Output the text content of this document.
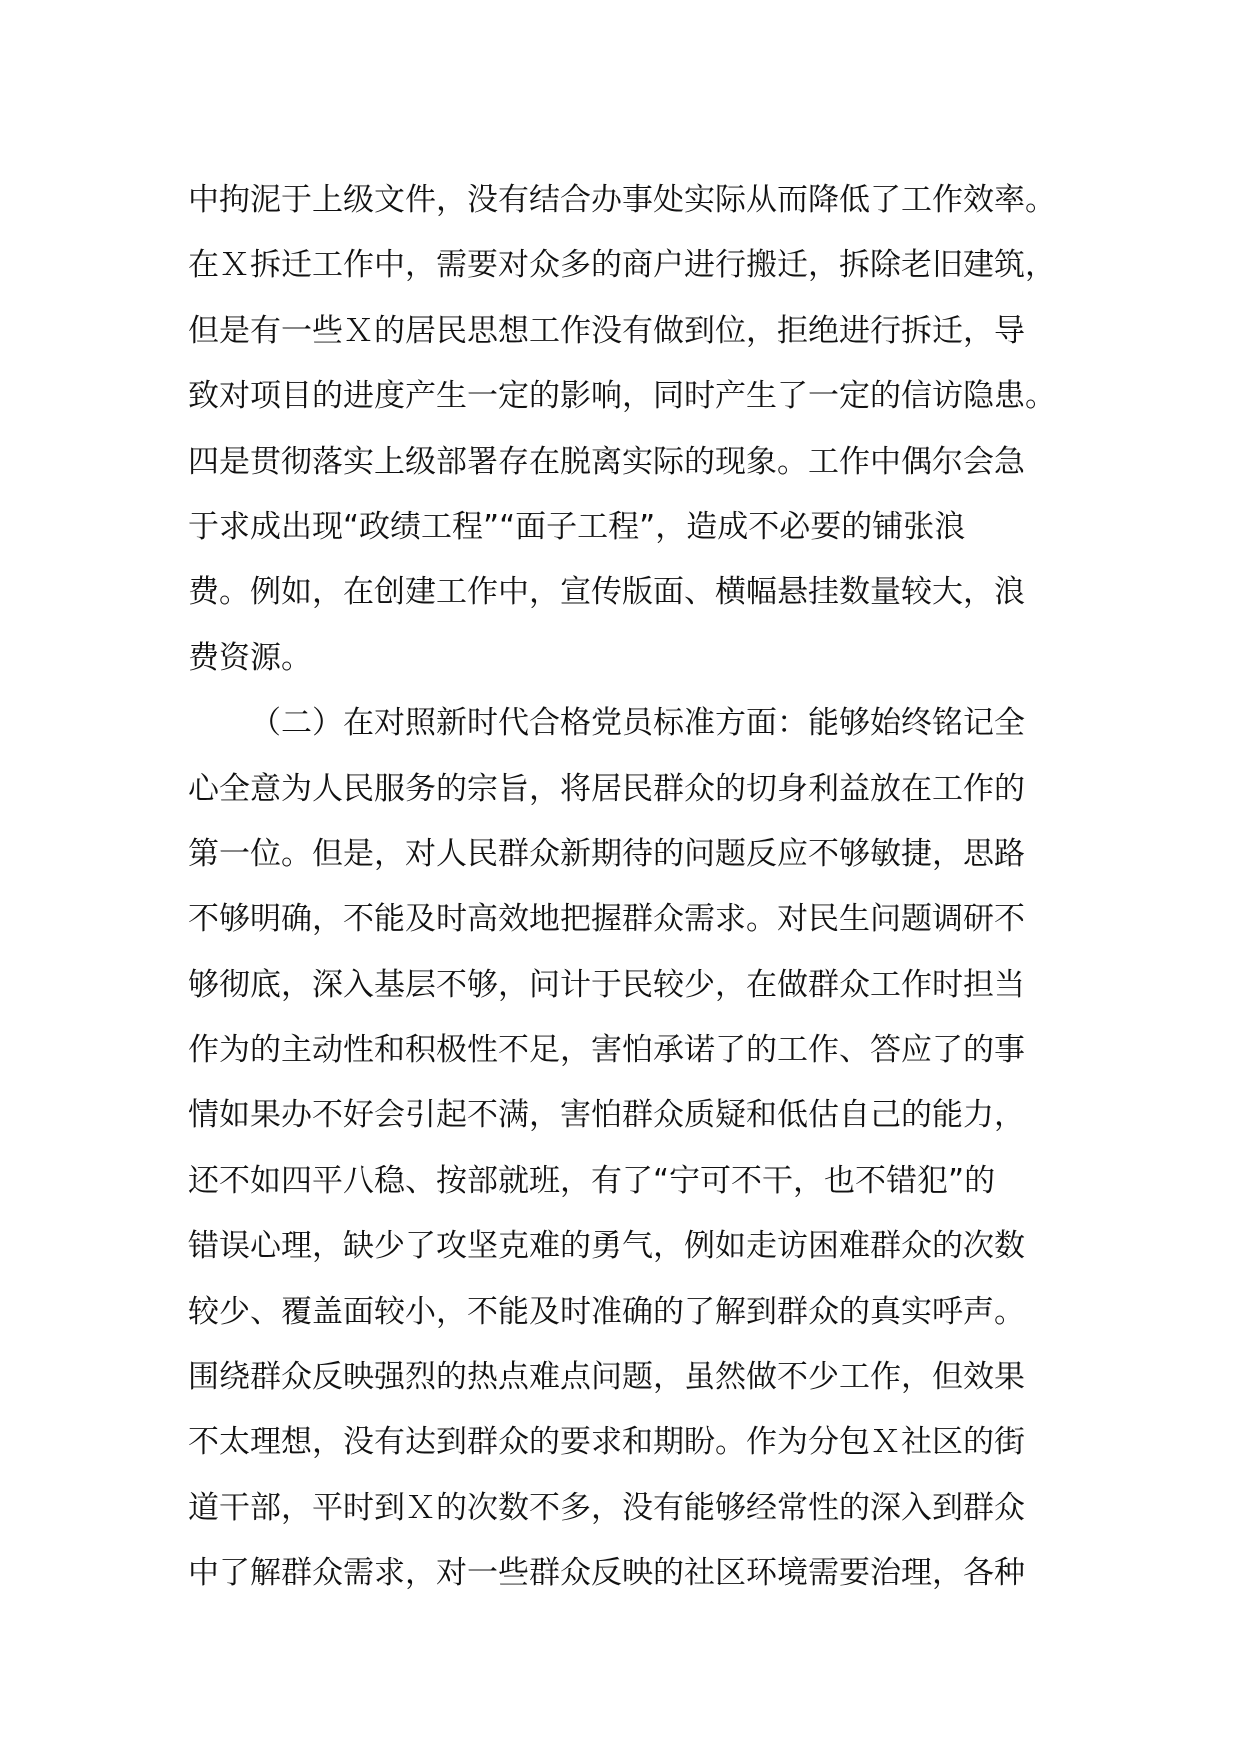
中拘泥于上级文件，没有结合办事处实际从而降低了工作效率。
在Ｘ拆迁工作中，需要对众多的商户进行搬迁，拆除老旧建筑，
但是有一些Ｘ的居民思想工作没有做到位，拒绝进行拆迁，导
致对项目的进度产生一定的影响，同时产生了一定的信访隐患。
四是贯彻落实上级部署存在脱离实际的现象。工作中偶尔会急
于求成出现“政绩工程”“面子工程”，造成不必要的铺张浪
费。例如，在创建工作中，宣传版面、横幅悬挂数量较大，浪
费资源。
（二）在对照新时代合格党员标准方面：能够始终铭记全
心全意为人民服务的宗旨，将居民群众的切身利益放在工作的
第一位。但是，对人民群众新期待的问题反应不够敏捷，思路
不够明确，不能及时高效地把握群众需求。对民生问题调研不
够彻底，深入基层不够，问计于民较少，在做群众工作时担当
作为的主动性和积极性不足，害怕承诺了的工作、答应了的事
情如果办不好会引起不满，害怕群众质疑和低估自己的能力，
还不如四平八稳、按部就班，有了“宁可不干，也不错犯”的
错误心理，缺少了攻坚克难的勇气，例如走访困难群众的次数
较少、覆盖面较小，不能及时准确的了解到群众的真实呼声。
围绕群众反映强烈的热点难点问题，虽然做不少工作，但效果
不太理想，没有达到群众的要求和期盼。作为分包Ｘ社区的街
道干部，平时到Ｘ的次数不多，没有能够经常性的深入到群众
中了解群众需求，对一些群众反映的社区环境需要治理，各种
